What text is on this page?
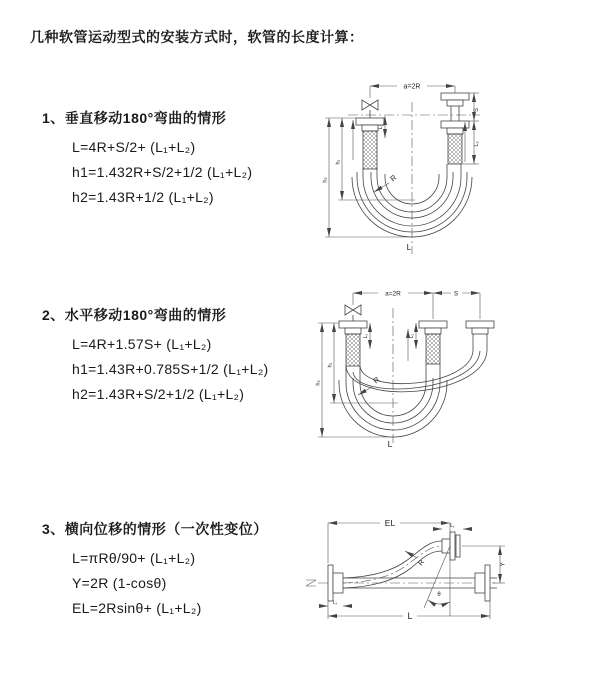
几种软管运动型式的安装方式时，软管的长度计算：
1、垂直移动180°弯曲的情形
L=4R+S/2+ (L₁+L₂)
h1=1.432R+S/2+1/2 (L₁+L₂)
h2=1.43R+1/2 (L₁+L₂)
2、水平移动180°弯曲的情形
L=4R+1.57S+ (L₁+L₂)
h1=1.43R+0.785S+1/2 (L₁+L₂)
h2=1.43R+S/2+1/2 (L₁+L₂)
3、横向位移的情形（一次性变位）
L=πRθ/90+ (L₁+L₂)
Y=2R (1-cosθ)
EL=2Rsinθ+ (L₁+L₂)
a=2R
L₁
S
L₂
h₁
h₂	R
L
a=2R	S
L₁	L₂
h₁
h₂	R
L
EL	L₁
Y
L₂
R
θ
L
